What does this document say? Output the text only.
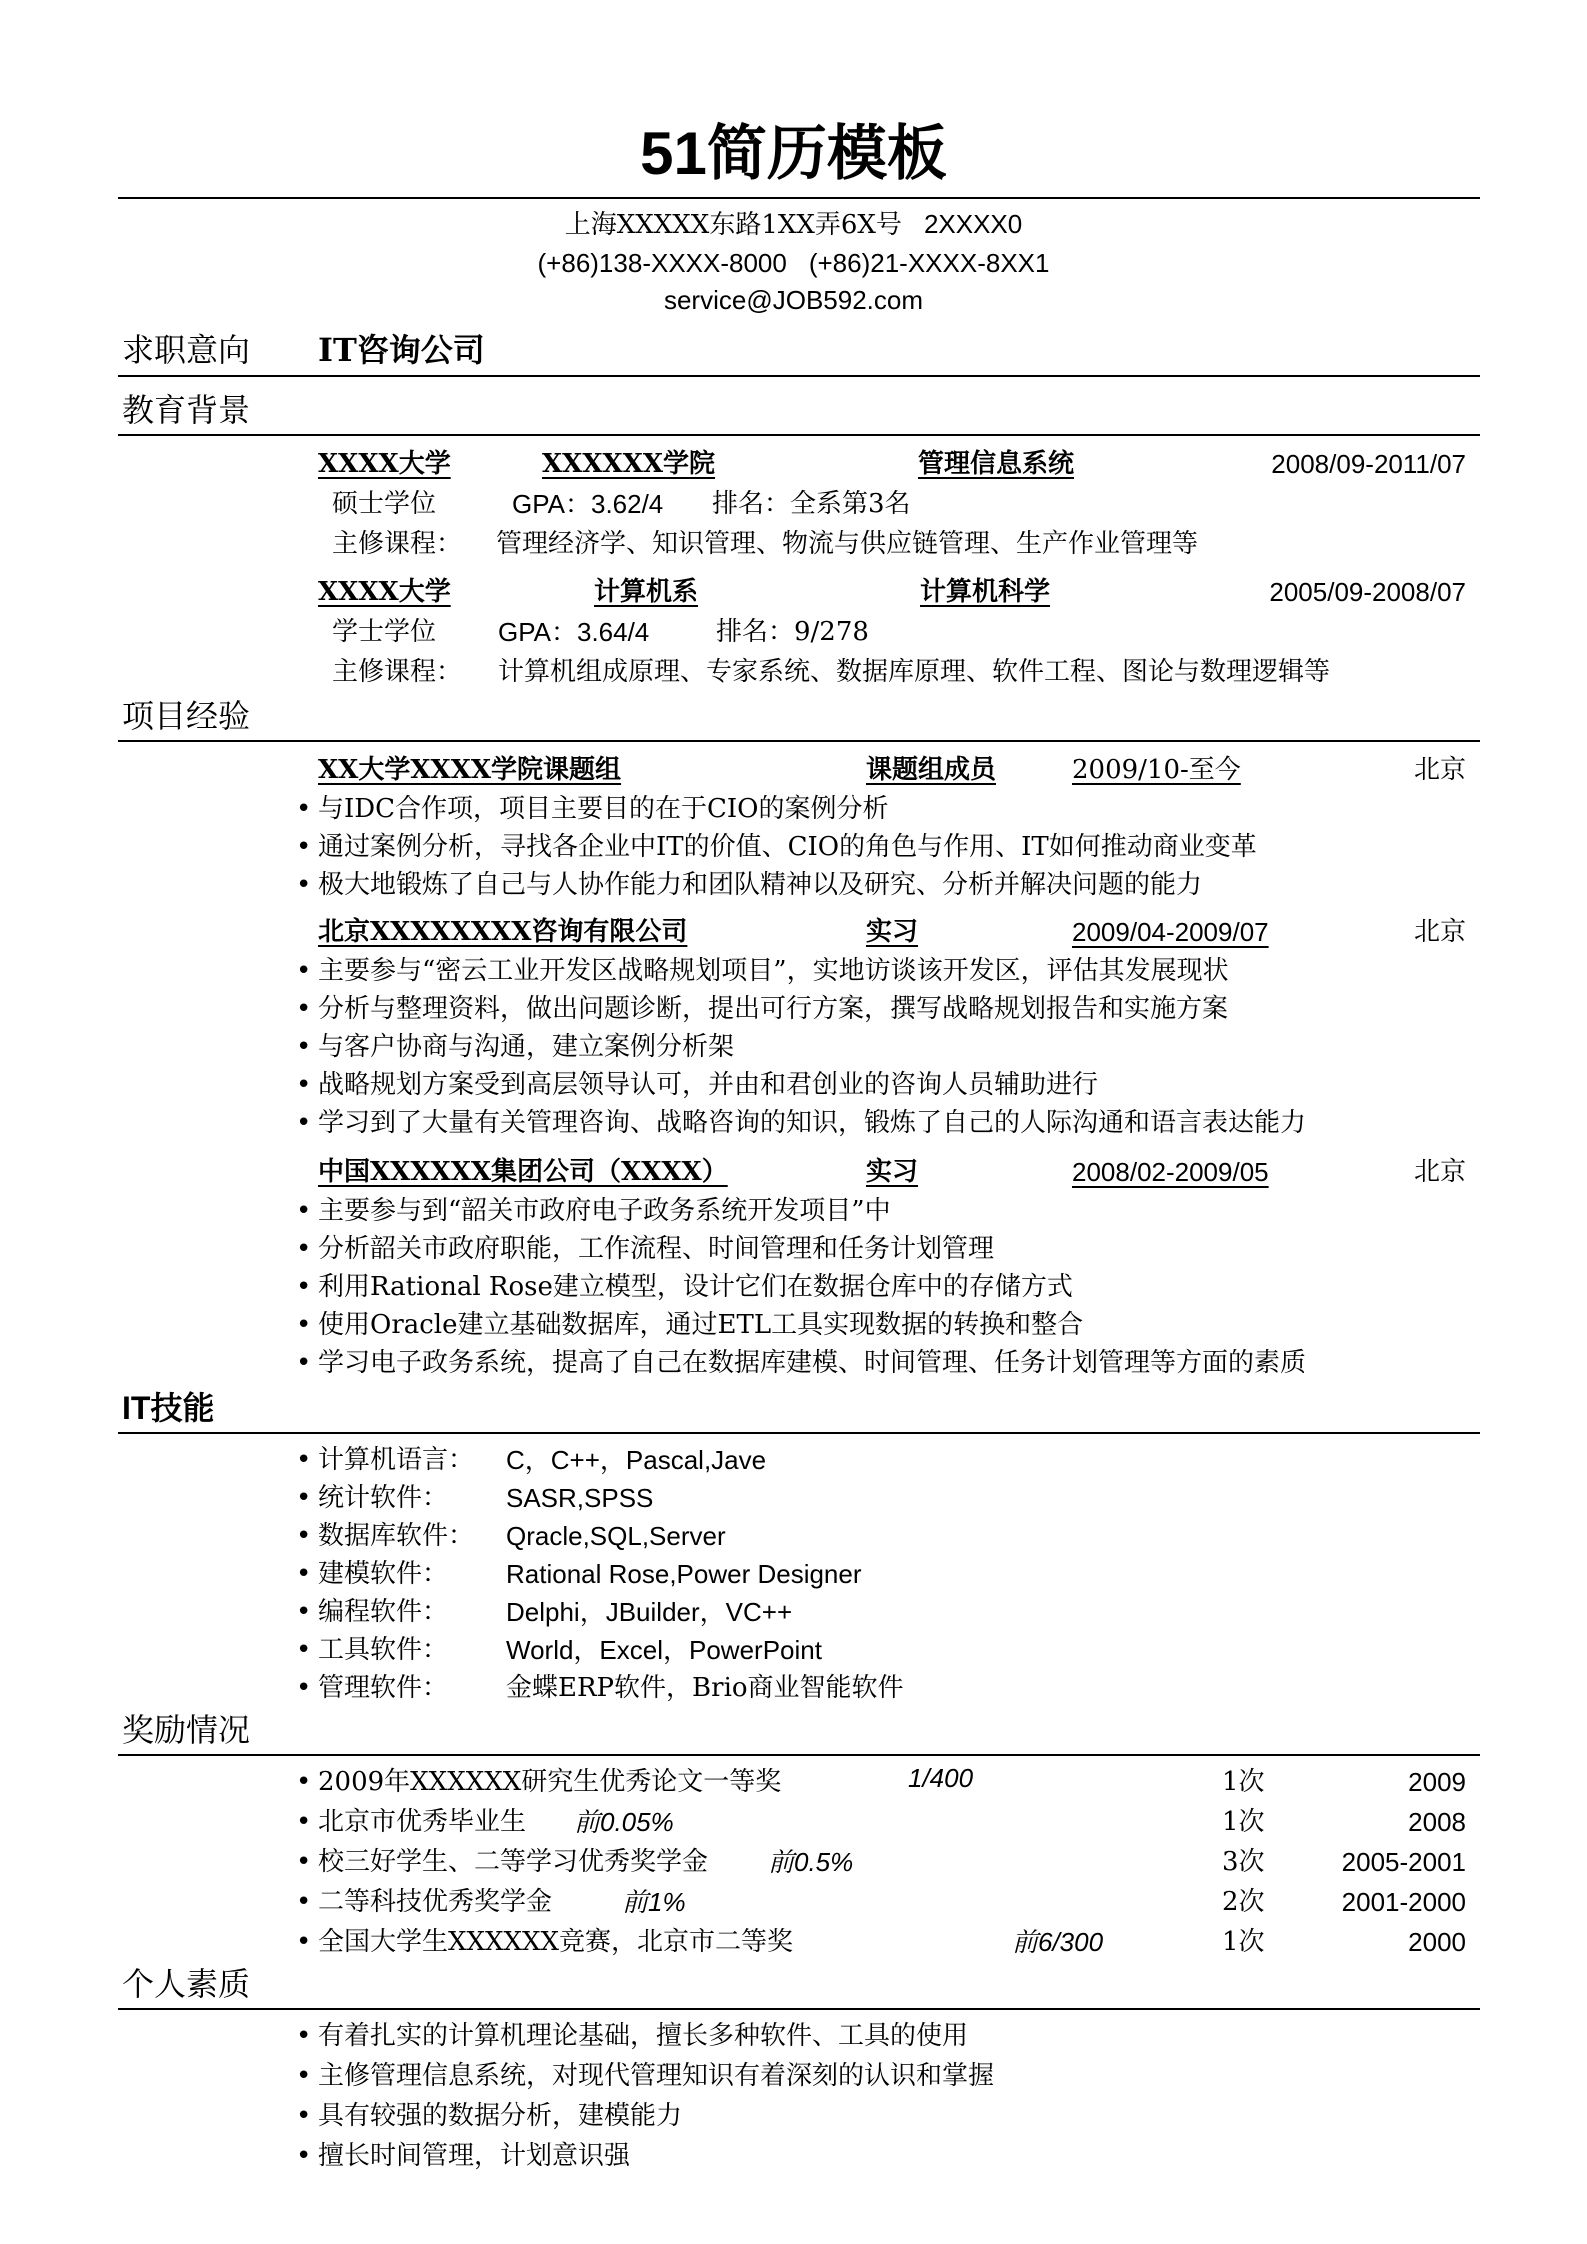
51简历模板
上海XXXXX东路1XX弄6X号 2XXXX0
(+86)138-XXXX-8000 (+86)21-XXXX-8XX1
service@JOB592.com
求职意向 IT咨询公司
教育背景
XXXX大学	XXXXXX学院	管理信息系统	2008/09-2011/07
硕士学位	GPA：3.62/4 排名：全系第3名
主修课程： 管理经济学、知识管理、物流与供应链管理、生产作业管理等
XXXX大学	计算机系	计算机科学	2005/09-2008/07
学士学位 GPA：3.64/4	排名：9/278
主修课程： 计算机组成原理、专家系统、数据库原理、软件工程、图论与数理逻辑等
项目经验
XX大学XXXX学院课题组	课题组成员	2009/10-至今	北京
• 与IDC合作项，项目主要目的在于CIO的案例分析
• 通过案例分析，寻找各企业中IT的价值、CIO的角色与作用、IT如何推动商业变革
• 极大地锻炼了自己与人协作能力和团队精神以及研究、分析并解决问题的能力
北京XXXXXXXX咨询有限公司	实习	2009/04-2009/07	北京
• 主要参与“密云工业开发区战略规划项目”，实地访谈该开发区，评估其发展现状
• 分析与整理资料，做出问题诊断，提出可行方案，撰写战略规划报告和实施方案
• 与客户协商与沟通，建立案例分析架
• 战略规划方案受到高层领导认可，并由和君创业的咨询人员辅助进行
• 学习到了大量有关管理咨询、战略咨询的知识，锻炼了自己的人际沟通和语言表达能力
中国XXXXXX集团公司（XXXX）	实习	2008/02-2009/05	北京
• 主要参与到“韶关市政府电子政务系统开发项目”中
• 分析韶关市政府职能，工作流程、时间管理和任务计划管理
• 利用Rational Rose建立模型，设计它们在数据仓库中的存储方式
• 使用Oracle建立基础数据库，通过ETL工具实现数据的转换和整合
• 学习电子政务系统，提高了自己在数据库建模、时间管理、任务计划管理等方面的素质
IT技能
• 计算机语言： C，C++，Pascal,Jave
• 统计软件： SASR,SPSS
• 数据库软件： Qracle,SQL,Server
• 建模软件： Rational Rose,Power Designer
• 编程软件： Delphi，JBuilder，VC++
• 工具软件： World，Excel，PowerPoint
• 管理软件： 金蝶ERP软件，Brio商业智能软件
奖励情况
• 2009年XXXXXX研究生优秀论文一等奖	1/400	1次	2009
• 北京市优秀毕业生 前0.05%	1次	2008
• 校三好学生、二等学习优秀奖学金 前0.5%	3次	2005-2001
• 二等科技优秀奖学金	前1%	2次	2001-2000
• 全国大学生XXXXXX竞赛，北京市二等奖	前6/300	1次	2000
个人素质
• 有着扎实的计算机理论基础，擅长多种软件、工具的使用
• 主修管理信息系统，对现代管理知识有着深刻的认识和掌握
• 具有较强的数据分析，建模能力
• 擅长时间管理，计划意识强
